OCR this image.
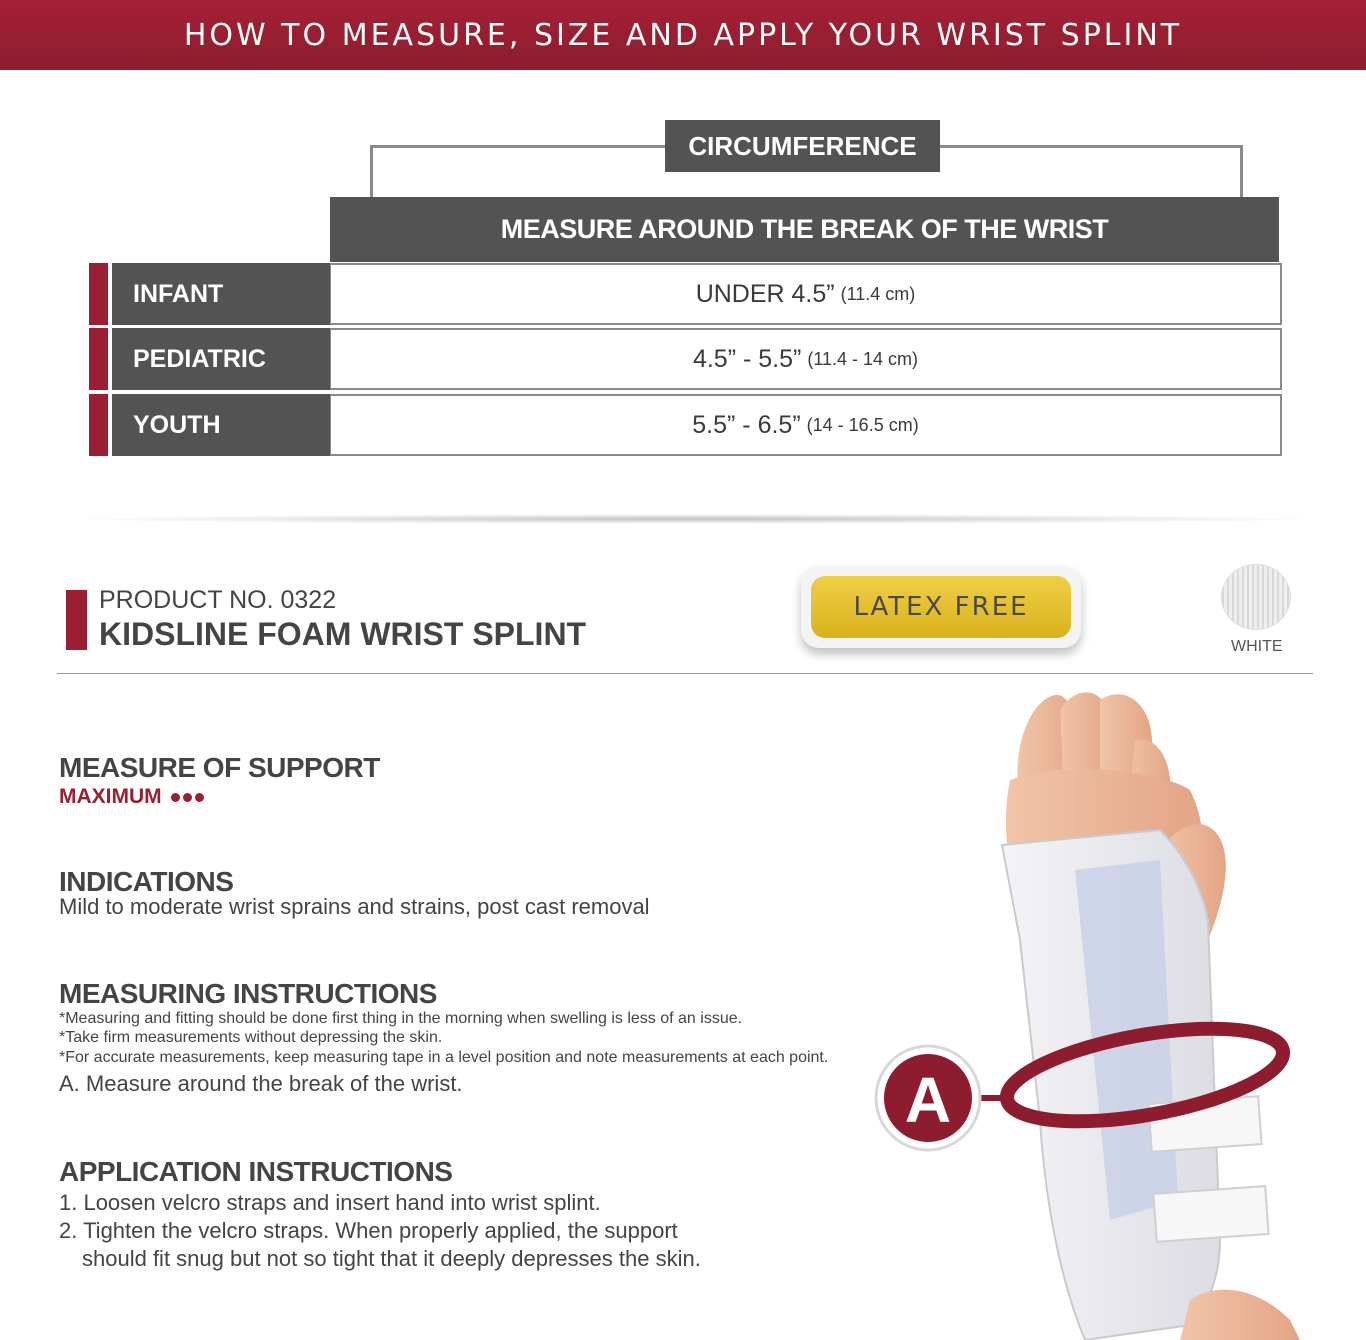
HOW TO MEASURE, SIZE AND APPLY YOUR WRIST SPLINT
CIRCUMFERENCE
MEASURE AROUND THE BREAK OF THE WRIST
INFANT	UNDER 4.5” (11.4 cm)
PEDIATRIC	4.5” - 5.5” (11.4 - 14 cm)
YOUTH	5.5” - 6.5” (14 - 16.5 cm)
PRODUCT NO. 0322
KIDSLINE FOAM WRIST SPLINT
LATEX FREE
WHITE
MEASURE OF SUPPORT
MAXIMUM
INDICATIONS
Mild to moderate wrist sprains and strains, post cast removal
MEASURING INSTRUCTIONS
*Measuring and fitting should be done first thing in the morning when swelling is less of an issue.
*Take firm measurements without depressing the skin.
*For accurate measurements, keep measuring tape in a level position and note measurements at each point.
A. Measure around the break of the wrist.
APPLICATION INSTRUCTIONS
1. Loosen velcro straps and insert hand into wrist splint.
2. Tighten the velcro straps. When properly applied, the support
should fit snug but not so tight that it deeply depresses the skin.
A
